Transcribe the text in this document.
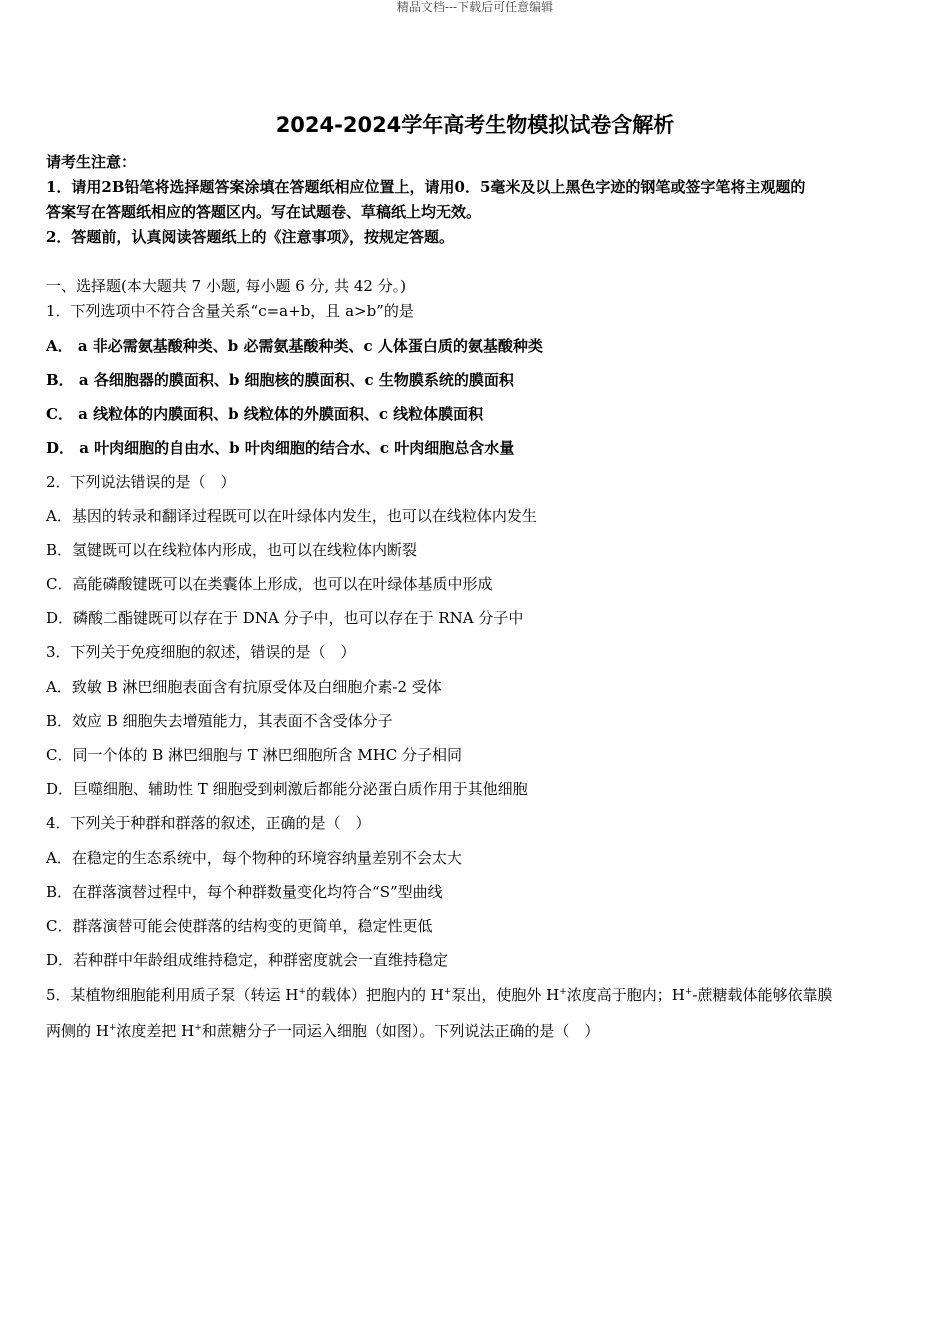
精品文档---下载后可任意编辑
2024-2024学年高考生物模拟试卷含解析
请考生注意：
1．请用2B铅笔将选择题答案涂填在答题纸相应位置上，请用0．5毫米及以上黑色字迹的钢笔或签字笔将主观题的
答案写在答题纸相应的答题区内。写在试题卷、草稿纸上均无效。
2．答题前，认真阅读答题纸上的《注意事项》，按规定答题。
一、选择题(本大题共 7 小题, 每小题 6 分, 共 42 分。)
1．下列选项中不符合含量关系“c=a+b，且 a>b”的是
A． a 非必需氨基酸种类、b 必需氨基酸种类、c 人体蛋白质的氨基酸种类
B． a 各细胞器的膜面积、b 细胞核的膜面积、c 生物膜系统的膜面积
C． a 线粒体的内膜面积、b 线粒体的外膜面积、c 线粒体膜面积
D． a 叶肉细胞的自由水、b 叶肉细胞的结合水、c 叶肉细胞总含水量
2．下列说法错误的是（　）
A．基因的转录和翻译过程既可以在叶绿体内发生，也可以在线粒体内发生
B．氢键既可以在线粒体内形成，也可以在线粒体内断裂
C．高能磷酸键既可以在类囊体上形成，也可以在叶绿体基质中形成
D．磷酸二酯键既可以存在于 DNA 分子中，也可以存在于 RNA 分子中
3．下列关于免疫细胞的叙述，错误的是（　）
A．致敏 B 淋巴细胞表面含有抗原受体及白细胞介素-2 受体
B．效应 B 细胞失去增殖能力，其表面不含受体分子
C．同一个体的 B 淋巴细胞与 T 淋巴细胞所含 MHC 分子相同
D．巨噬细胞、辅助性 T 细胞受到刺激后都能分泌蛋白质作用于其他细胞
4．下列关于种群和群落的叙述，正确的是（　）
A．在稳定的生态系统中，每个物种的环境容纳量差别不会太大
B．在群落演替过程中，每个种群数量变化均符合“S”型曲线
C．群落演替可能会使群落的结构变的更简单，稳定性更低
D．若种群中年龄组成维持稳定，种群密度就会一直维持稳定
5．某植物细胞能利用质子泵（转运 H+的载体）把胞内的 H+泵出，使胞外 H+浓度高于胞内；H+-蔗糖载体能够依靠膜
两侧的 H+浓度差把 H+和蔗糖分子一同运入细胞（如图）。下列说法正确的是（　）
